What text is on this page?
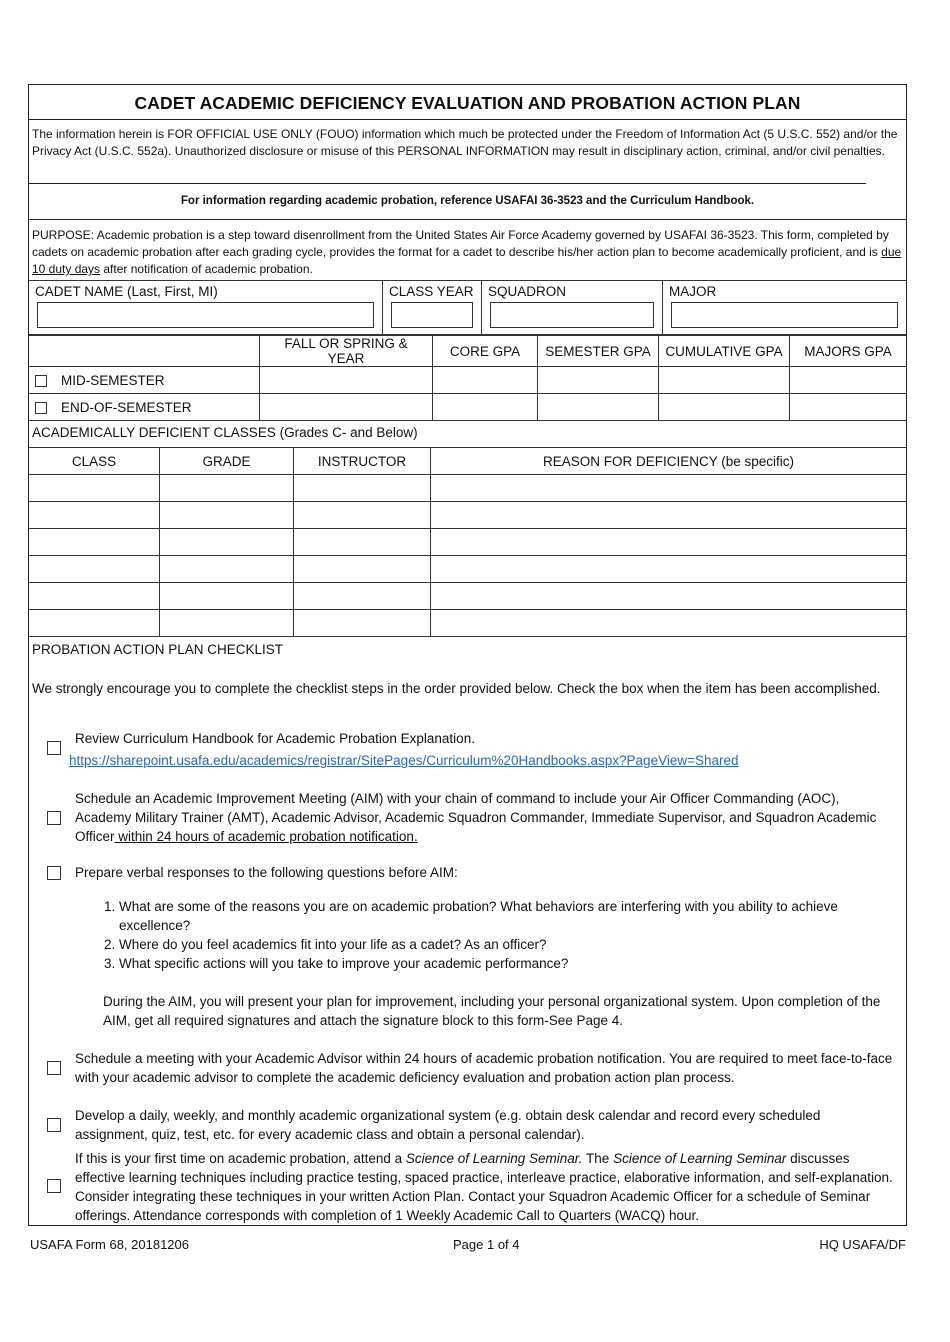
CADET ACADEMIC DEFICIENCY EVALUATION AND PROBATION ACTION PLAN
The information herein is FOR OFFICIAL USE ONLY (FOUO) information which much be protected under the Freedom of Information Act (5 U.S.C. 552) and/or the Privacy Act (U.S.C. 552a). Unauthorized disclosure or misuse of this PERSONAL INFORMATION may result in disciplinary action, criminal, and/or civil penalties.
For information regarding academic probation, reference USAFAI 36-3523 and the Curriculum Handbook.
PURPOSE: Academic probation is a step toward disenrollment from the United States Air Force Academy governed by USAFAI 36-3523. This form, completed by cadets on academic probation after each grading cycle, provides the format for a cadet to describe his/her action plan to become academically proficient, and is due 10 duty days after notification of academic probation.
CADET NAME (Last, First, MI)	CLASS YEAR	SQUADRON	MAJOR
	FALL OR SPRING & YEAR	CORE GPA	SEMESTER GPA	CUMULATIVE GPA	MAJORS GPA
MID-SEMESTER					
END-OF-SEMESTER					
ACADEMICALLY DEFICIENT CLASSES (Grades C- and Below)
CLASS	GRADE	INSTRUCTOR	REASON FOR DEFICIENCY (be specific)

PROBATION ACTION PLAN CHECKLIST
We strongly encourage you to complete the checklist steps in the order provided below. Check the box when the item has been accomplished.
Review Curriculum Handbook for Academic Probation Explanation.
https://sharepoint.usafa.edu/academics/registrar/SitePages/Curriculum%20Handbooks.aspx?PageView=Shared
Schedule an Academic Improvement Meeting (AIM) with your chain of command to include your Air Officer Commanding (AOC), Academy Military Trainer (AMT), Academic Advisor, Academic Squadron Commander, Immediate Supervisor, and Squadron Academic Officer within 24 hours of academic probation notification.
Prepare verbal responses to the following questions before AIM:
1. What are some of the reasons you are on academic probation? What behaviors are interfering with you ability to achieve excellence?
2. Where do you feel academics fit into your life as a cadet? As an officer?
3. What specific actions will you take to improve your academic performance?
During the AIM, you will present your plan for improvement, including your personal organizational system. Upon completion of the AIM, get all required signatures and attach the signature block to this form-See Page 4.
Schedule a meeting with your Academic Advisor within 24 hours of academic probation notification. You are required to meet face-to-face with your academic advisor to complete the academic deficiency evaluation and probation action plan process.
Develop a daily, weekly, and monthly academic organizational system (e.g. obtain desk calendar and record every scheduled assignment, quiz, test, etc. for every academic class and obtain a personal calendar).
If this is your first time on academic probation, attend a Science of Learning Seminar. The Science of Learning Seminar discusses effective learning techniques including practice testing, spaced practice, interleave practice, elaborative information, and self-explanation. Consider integrating these techniques in your written Action Plan. Contact your Squadron Academic Officer for a schedule of Seminar offerings. Attendance corresponds with completion of 1 Weekly Academic Call to Quarters (WACQ) hour.
USAFA Form 68, 20181206	Page 1 of 4	HQ USAFA/DF
